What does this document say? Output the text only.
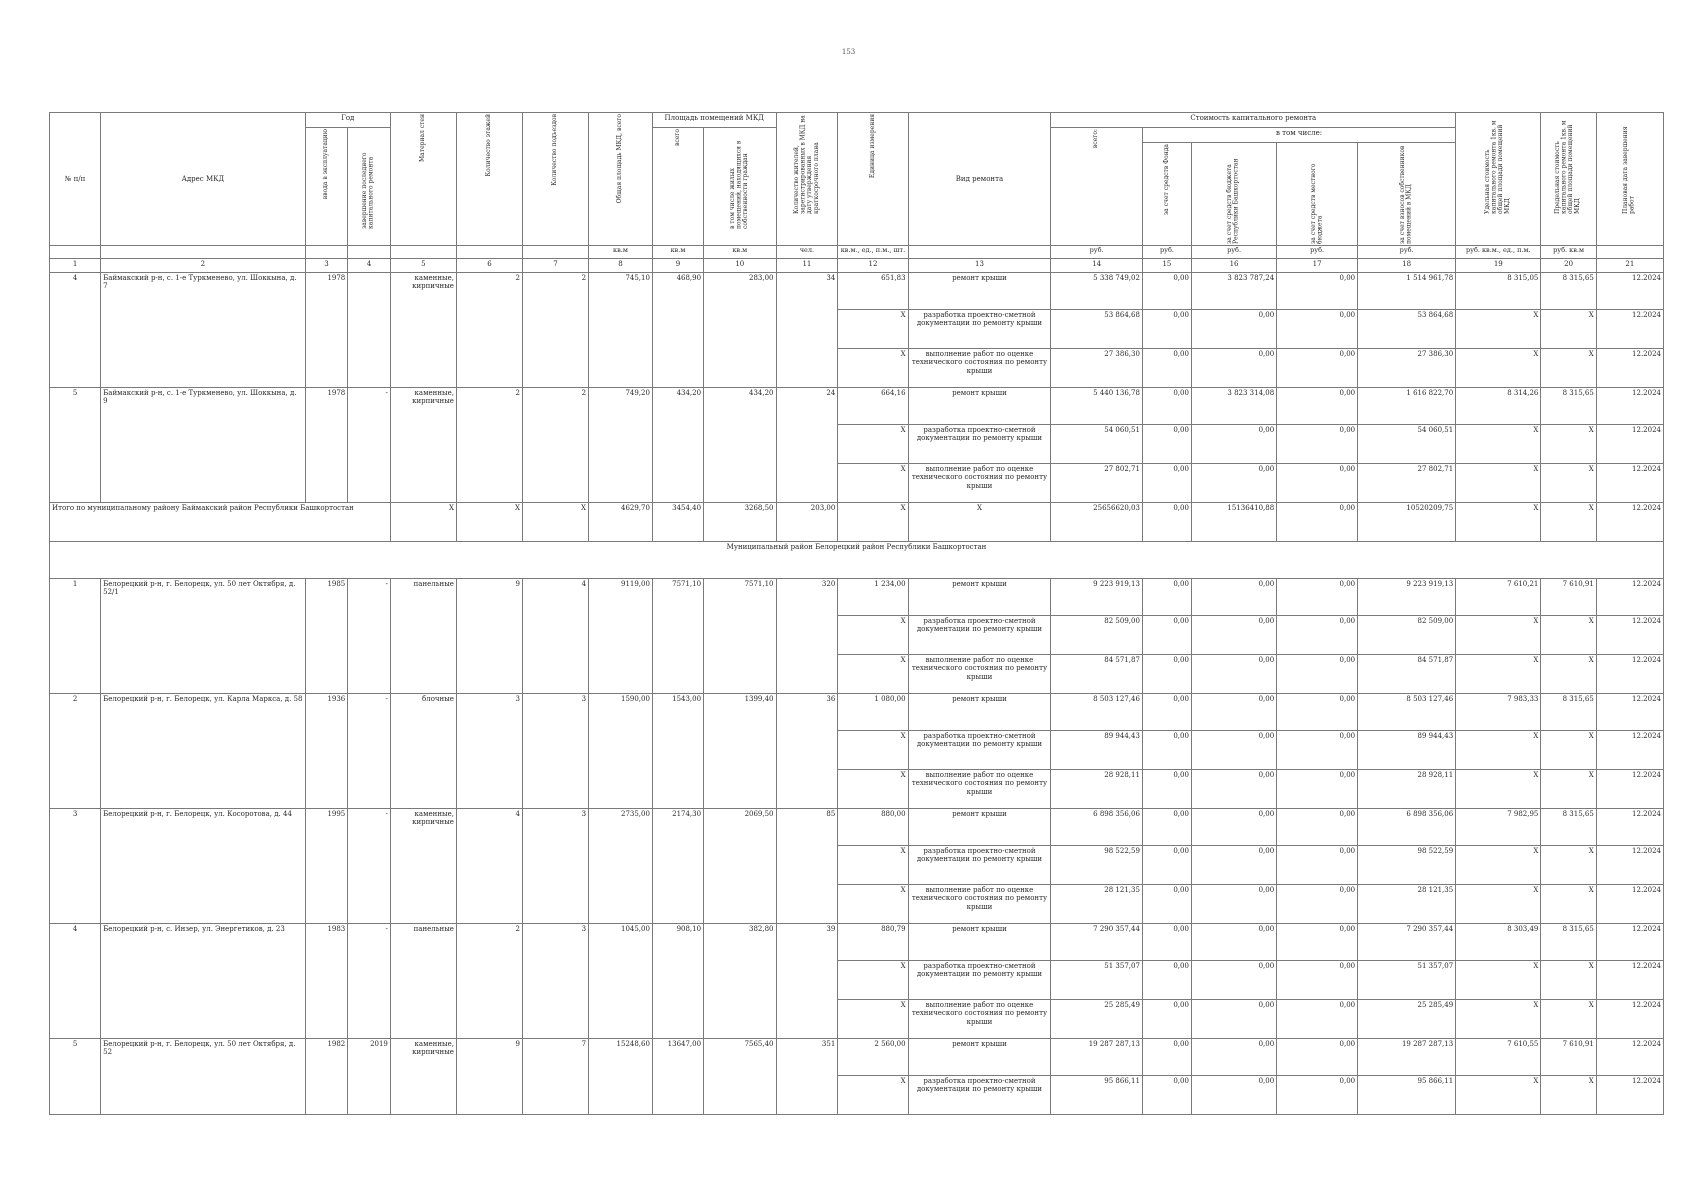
153
№ п/п	Адрес МКД	Год		Материал стен	Количество этажей	Количество подъездов	Общая площадь МКД, всего	Площадь помещений МКД		Количество жителей, зарегистрированных в МКД на дату утверждения краткосрочного плана	Единица измерения	Вид ремонта	Стоимость капитального ремонта					Удельная стоимость капитального ремонта 1кв. м общей площади помещений МКД	Предельная стоимость капитального ремонта 1кв. м общей площади помещений МКД	Плановая дата завершения работ

		ввода в эксплуатацию	завершение последнего капитального ремонта					всего	в том числе жилых помещений, находящихся в собственности граждан				всего:	в том числе:						

														за счет средств Фонда	за счет средств бюджета Республики Башкортостан	за счет средств местного бюджета	за счет взносов собственников помещений в МКД			

							кв.м	кв.м	кв.м	чел.	кв.м., ед., п.м., шт.		руб.	руб.	руб.	руб.	руб.	руб. кв.м., ед., п.м.	руб. кв.м	
1	2	3	4	5	6	7	8	9	10	11	12	13	14	15	16	17	18	19	20	21
4	Баймакский р-н, с. 1-е Туркменево, ул. Шоккына, д. 7	1978		каменные, кирпичные	2	2	745,10	468,90	283,00	34	651,83	ремонт крыши	5 338 749,02	0,00	3 823 787,24	0,00	1 514 961,78	8 315,05	8 315,65	12.2024
											X	разработка проектно-сметной документации по ремонту крыши	53 864,68	0,00	0,00	0,00	53 864,68	X	X	12.2024
											X	выполнение работ по оценке технического состояния по ремонту крыши	27 386,30	0,00	0,00	0,00	27 386,30	X	X	12.2024
5	Баймакский р-н, с. 1-е Туркменево, ул. Шоккына, д. 9	1978	-	каменные, кирпичные	2	2	749,20	434,20	434,20	24	664,16	ремонт крыши	5 440 136,78	0,00	3 823 314,08	0,00	1 616 822,70	8 314,26	8 315,65	12.2024
											X	разработка проектно-сметной документации по ремонту крыши	54 060,51	0,00	0,00	0,00	54 060,51	X	X	12.2024
											X	выполнение работ по оценке технического состояния по ремонту крыши	27 802,71	0,00	0,00	0,00	27 802,71	X	X	12.2024
Итого по муниципальному району Баймакский район Республики Башкортостан				X	X	X	4629,70	3454,40	3268,50	203,00	X	X	25656620,03	0,00	15136410,88	0,00	10520209,75	X	X	12.2024
Муниципальный район Белорецкий район Республики Башкортостан																				
1	Белорецкий р-н, г. Белорецк, ул. 50 лет Октября, д. 52/1	1985	-	панельные	9	4	9119,00	7571,10	7571,10	320	1 234,00	ремонт крыши	9 223 919,13	0,00	0,00	0,00	9 223 919,13	7 610,21	7 610,91	12.2024
											X	разработка проектно-сметной документации по ремонту крыши	82 509,00	0,00	0,00	0,00	82 509,00	X	X	12.2024
											X	выполнение работ по оценке технического состояния по ремонту крыши	84 571,87	0,00	0,00	0,00	84 571,87	X	X	12.2024
2	Белорецкий р-н, г. Белорецк, ул. Карла Маркса, д. 58	1936	-	блочные	3	3	1590,00	1543,00	1399,40	36	1 080,00	ремонт крыши	8 503 127,46	0,00	0,00	0,00	8 503 127,46	7 983,33	8 315,65	12.2024
											X	разработка проектно-сметной документации по ремонту крыши	89 944,43	0,00	0,00	0,00	89 944,43	X	X	12.2024
											X	выполнение работ по оценке технического состояния по ремонту крыши	28 928,11	0,00	0,00	0,00	28 928,11	X	X	12.2024
3	Белорецкий р-н, г. Белорецк, ул. Косоротова, д. 44	1995	-	каменные, кирпичные	4	3	2735,00	2174,30	2069,50	85	880,00	ремонт крыши	6 898 356,06	0,00	0,00	0,00	6 898 356,06	7 982,95	8 315,65	12.2024
											X	разработка проектно-сметной документации по ремонту крыши	98 522,59	0,00	0,00	0,00	98 522,59	X	X	12.2024
											X	выполнение работ по оценке технического состояния по ремонту крыши	28 121,35	0,00	0,00	0,00	28 121,35	X	X	12.2024
4	Белорецкий р-н, с. Инзер, ул. Энергетиков, д. 23	1983	-	панельные	2	3	1045,00	908,10	382,80	39	880,79	ремонт крыши	7 290 357,44	0,00	0,00	0,00	7 290 357,44	8 303,49	8 315,65	12.2024
											X	разработка проектно-сметной документации по ремонту крыши	51 357,07	0,00	0,00	0,00	51 357,07	X	X	12.2024
											X	выполнение работ по оценке технического состояния по ремонту крыши	25 285,49	0,00	0,00	0,00	25 285,49	X	X	12.2024
5	Белорецкий р-н, г. Белорецк, ул. 50 лет Октября, д. 52	1982	2019	каменные, кирпичные	9	7	15248,60	13647,00	7565,40	351	2 560,00	ремонт крыши	19 287 287,13	0,00	0,00	0,00	19 287 287,13	7 610,55	7 610,91	12.2024
											X	разработка проектно-сметной документации по ремонту крыши	95 866,11	0,00	0,00	0,00	95 866,11	X	X	12.2024
